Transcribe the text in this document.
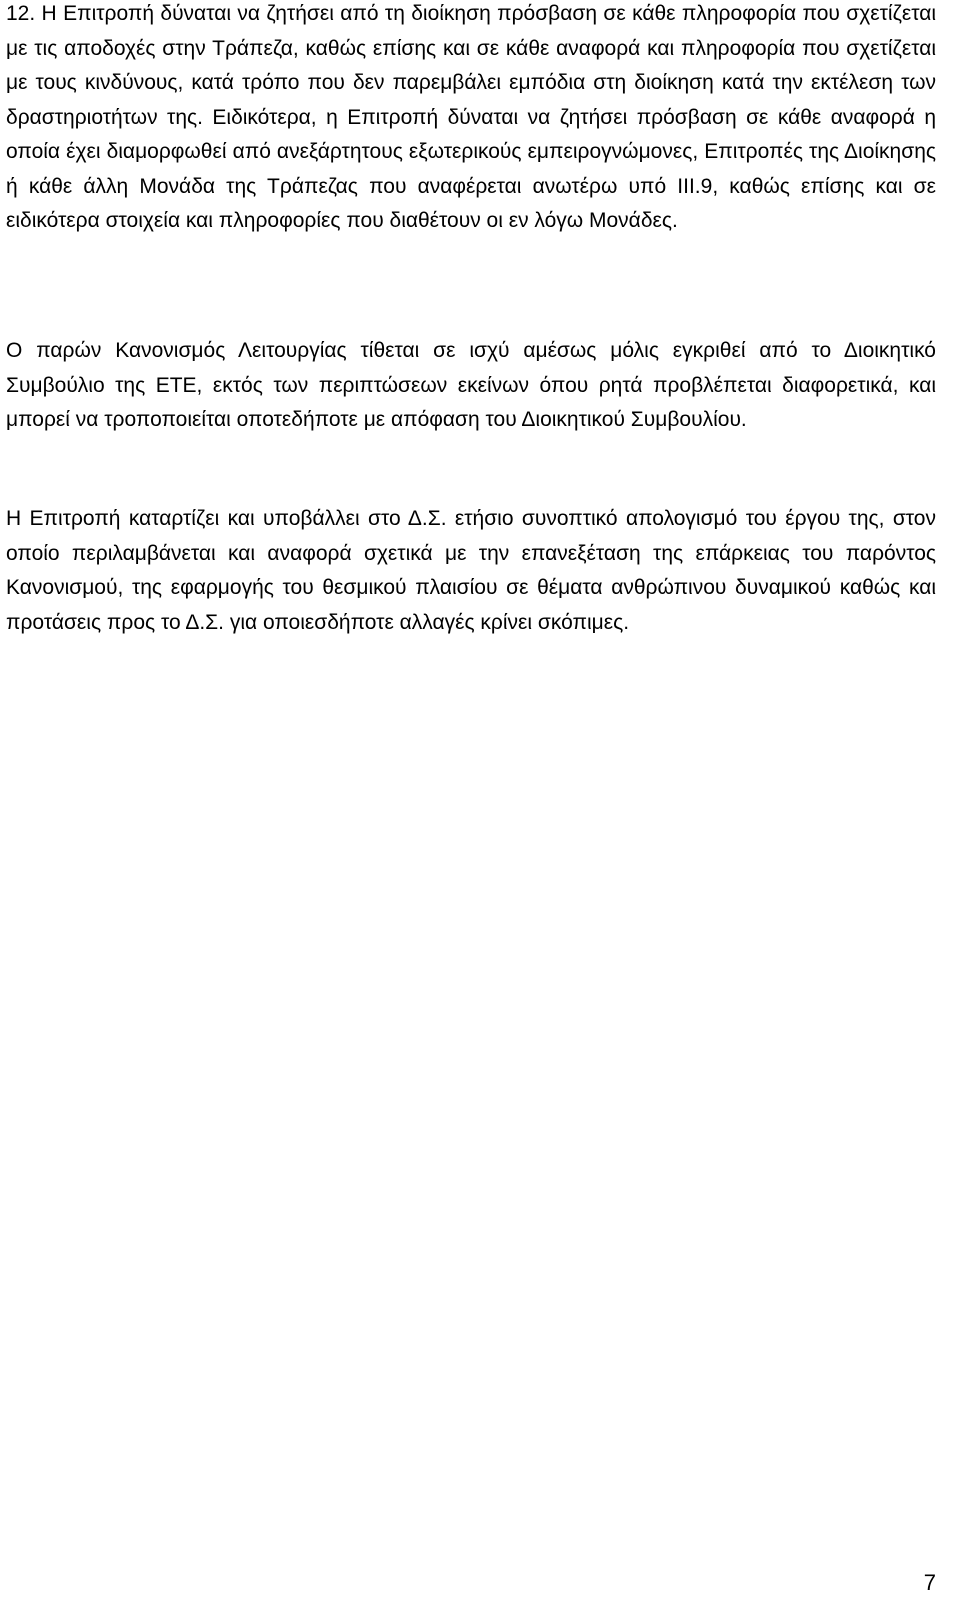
12. Η Επιτροπή δύναται να ζητήσει από τη διοίκηση πρόσβαση σε κάθε πληροφορία που σχετίζεται με τις αποδοχές στην Τράπεζα, καθώς επίσης και σε κάθε αναφορά και πληροφορία που σχετίζεται με τους κινδύνους, κατά τρόπο που δεν παρεμβάλει εμπόδια στη διοίκηση κατά την εκτέλεση των δραστηριοτήτων της. Ειδικότερα, η Επιτροπή δύναται να ζητήσει πρόσβαση σε κάθε αναφορά η οποία έχει διαμορφωθεί από ανεξάρτητους εξωτερικούς εμπειρογνώμονες, Επιτροπές της Διοίκησης ή κάθε άλλη Μονάδα της Τράπεζας που αναφέρεται ανωτέρω υπό ΙΙΙ.9, καθώς επίσης και σε ειδικότερα στοιχεία και πληροφορίες που διαθέτουν οι εν λόγω Μονάδες.

Ο παρών Κανονισμός Λειτουργίας τίθεται σε ισχύ αμέσως μόλις εγκριθεί από το Διοικητικό Συμβούλιο της ΕΤΕ, εκτός των περιπτώσεων εκείνων όπου ρητά προβλέπεται διαφορετικά, και μπορεί να τροποποιείται οποτεδήποτε με απόφαση του Διοικητικού Συμβουλίου.

Η Επιτροπή καταρτίζει και υποβάλλει στο Δ.Σ. ετήσιο συνοπτικό απολογισμό του έργου της, στον οποίο περιλαμβάνεται και αναφορά σχετικά με την επανεξέταση της επάρκειας του παρόντος Κανονισμού, της εφαρμογής του θεσμικού πλαισίου σε θέματα ανθρώπινου δυναμικού καθώς και προτάσεις προς το Δ.Σ. για οποιεσδήποτε αλλαγές κρίνει σκόπιμες.

7
